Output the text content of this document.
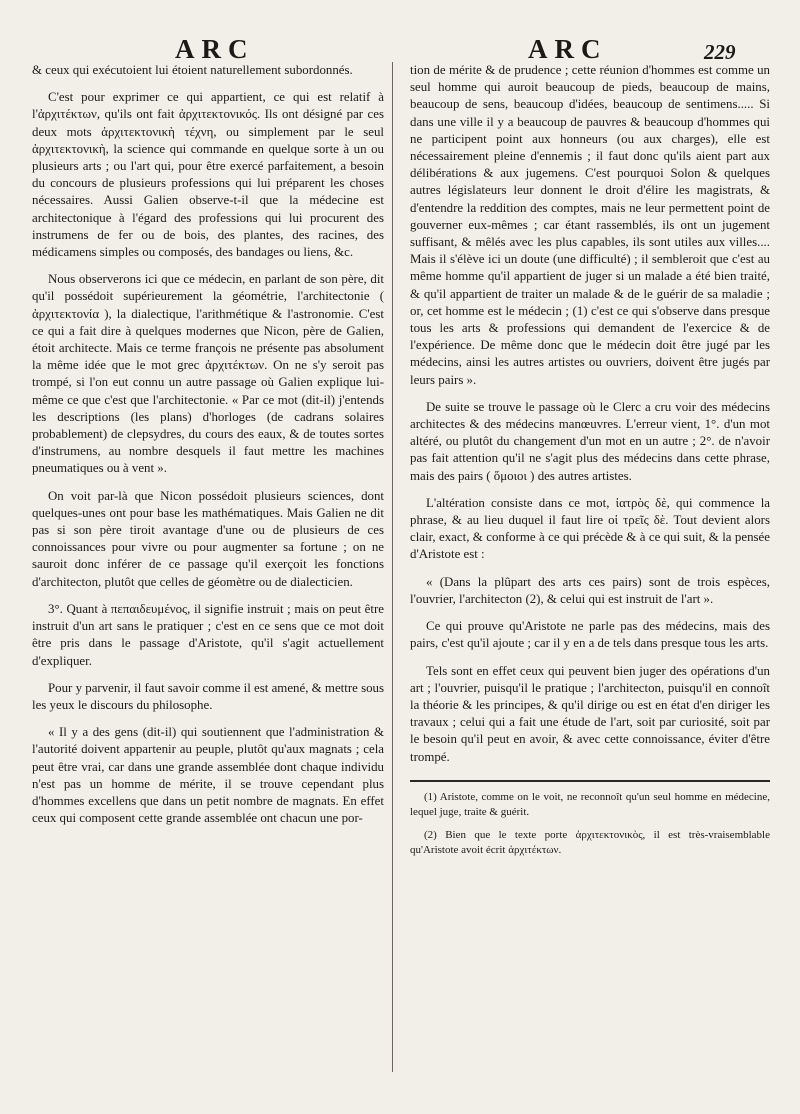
ARC	ARC	229

& ceux qui exécutoient lui étoient naturellement subordonnés.

C'est pour exprimer ce qui appartient, ce qui est relatif à l'ἀρχιτέκτων, qu'ils ont fait ἀρχιτεκτονικός. Ils ont désigné par ces deux mots ἀρχιτεκτονικὴ τέχνη, ou simplement par le seul ἀρχιτεκτονικὴ, la science qui commande en quelque sorte à un ou plusieurs arts ; ou l'art qui, pour être exercé parfaitement, a besoin du concours de plusieurs professions qui lui préparent les choses nécessaires. Aussi Galien observe-t-il que la médecine est architectonique à l'égard des professions qui lui procurent des instrumens de fer ou de bois, des plantes, des racines, des médicamens simples ou composés, des bandages ou liens, &c.

Nous observerons ici que ce médecin, en parlant de son père, dit qu'il possédoit supérieurement la géométrie, l'architectonie ( ἀρχιτεκτονία ), la dialectique, l'arithmétique & l'astronomie. C'est ce qui a fait dire à quelques modernes que Nicon, père de Galien, étoit architecte. Mais ce terme françois ne présente pas absolument la même idée que le mot grec ἀρχιτέκτων. On ne s'y seroit pas trompé, si l'on eut connu un autre passage où Galien explique lui-même ce que c'est que l'architectonie. « Par ce mot (dit-il) j'entends les descriptions (les plans) d'horloges (de cadrans solaires probablement) de clepsydres, du cours des eaux, & de toutes sortes d'instrumens, au nombre desquels il faut mettre les machines pneumatiques ou à vent ».

On voit par-là que Nicon possédoit plusieurs sciences, dont quelques-unes ont pour base les mathématiques. Mais Galien ne dit pas si son père tiroit avantage d'une ou de plusieurs de ces connoissances pour vivre ou pour augmenter sa fortune ; on ne sauroit donc inférer de ce passage qu'il exerçoit les fonctions d'architecton, plutôt que celles de géomètre ou de dialecticien.

3°. Quant à πεπαιδευμένος, il signifie instruit ; mais on peut être instruit d'un art sans le pratiquer ; c'est en ce sens que ce mot doit être pris dans le passage d'Aristote, qu'il s'agit actuellement d'expliquer.

Pour y parvenir, il faut savoir comme il est amené, & mettre sous les yeux le discours du philosophe.

« Il y a des gens (dit-il) qui soutiennent que l'administration & l'autorité doivent appartenir au peuple, plutôt qu'aux magnats ; cela peut être vrai, car dans une grande assemblée dont chaque individu n'est pas un homme de mérite, il se trouve cependant plus d'hommes excellens que dans un petit nombre de magnats. En effet ceux qui composent cette grande assemblée ont chacun une por-

tion de mérite & de prudence ; cette réunion d'hommes est comme un seul homme qui auroit beaucoup de pieds, beaucoup de mains, beaucoup de sens, beaucoup d'idées, beaucoup de sentimens..... Si dans une ville il y a beaucoup de pauvres & beaucoup d'hommes qui ne participent point aux honneurs (ou aux charges), elle est nécessairement pleine d'ennemis ; il faut donc qu'ils aient part aux délibérations & aux jugemens. C'est pourquoi Solon & quelques autres législateurs leur donnent le droit d'élire les magistrats, & d'entendre la reddition des comptes, mais ne leur permettent point de gouverner eux-mêmes ; car étant rassemblés, ils ont un jugement suffisant, & mêlés avec les plus capables, ils sont utiles aux villes.... Mais il s'élève ici un doute (une difficulté) ; il sembleroit que c'est au même homme qu'il appartient de juger si un malade a été bien traité, & qu'il appartient de traiter un malade & de le guérir de sa maladie ; or, cet homme est le médecin ; (1) c'est ce qui s'observe dans presque tous les arts & professions qui demandent de l'exercice & de l'expérience. De même donc que le médecin doit être jugé par les médecins, ainsi les autres artistes ou ouvriers, doivent être jugés par leurs pairs ».

De suite se trouve le passage où le Clerc a cru voir des médecins architectes & des médecins manœuvres. L'erreur vient, 1°. d'un mot altéré, ou plutôt du changement d'un mot en un autre ; 2°. de n'avoir pas fait attention qu'il ne s'agit plus des médecins dans cette phrase, mais des pairs ( ὅμοιοι ) des autres artistes.

L'altération consiste dans ce mot, ἰατρὸς δὲ, qui commence la phrase, & au lieu duquel il faut lire οἱ τρεῖς δὲ. Tout devient alors clair, exact, & conforme à ce qui précède & à ce qui suit, & la pensée d'Aristote est :

« (Dans la plûpart des arts ces pairs) sont de trois espèces, l'ouvrier, l'architecton (2), & celui qui est instruit de l'art ».

Ce qui prouve qu'Aristote ne parle pas des médecins, mais des pairs, c'est qu'il ajoute ; car il y en a de tels dans presque tous les arts.

Tels sont en effet ceux qui peuvent bien juger des opérations d'un art ; l'ouvrier, puisqu'il le pratique ; l'architecton, puisqu'il en connoît la théorie & les principes, & qu'il dirige ou est en état d'en diriger les travaux ; celui qui a fait une étude de l'art, soit par curiosité, soit par le besoin qu'il peut en avoir, & avec cette connoissance, éviter d'être trompé.

(1) Aristote, comme on le voit, ne reconnoît qu'un seul homme en médecine, lequel juge, traite & guérit.

(2) Bien que le texte porte ἀρχιτεκτονικὸς, il est très-vraisemblable qu'Aristote avoit écrit ἀρχιτέκτων.
